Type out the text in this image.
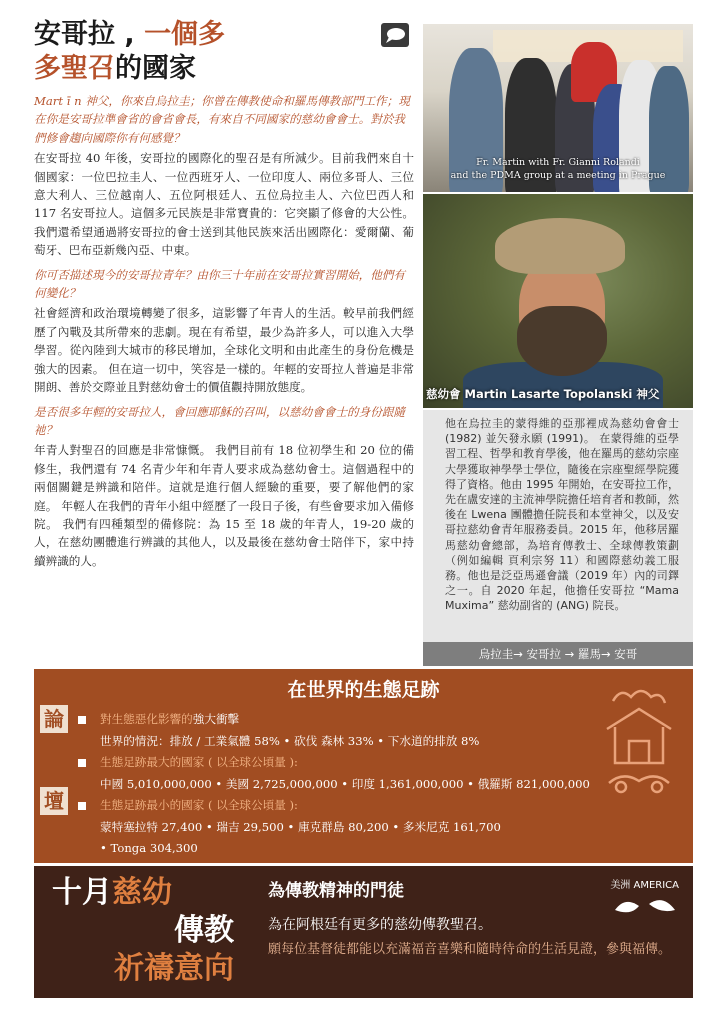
安哥拉 , 一個多
多聖召的國家

Mart ī n 神父，你來自烏拉圭；你曾在傳教使命和羅馬傳教部門工作；現在你是安哥拉準會省的會省會長，有來自不同國家的慈幼會會士。對於我們修會趨向國際你有何感覺？

在安哥拉 40 年後，安哥拉的國際化的聖召是有所減少。目前我們來自十個國家：一位巴拉圭人、一位西班牙人、一位印度人、兩位多哥人、三位意大利人、三位越南人、五位阿根廷人、五位烏拉圭人、六位巴西人和 117 名安哥拉人。這個多元民族是非常寶貴的：它突顯了修會的大公性。 我們還希望通過將安哥拉的會士送到其他民族來活出國際化：愛爾蘭、葡萄牙、巴布亞新幾內亞、中東。

你可否描述現今的安哥拉青年？由你三十年前在安哥拉實習開始，他們有何變化？

社會經濟和政治環境轉變了很多，這影響了年青人的生活。較早前我們經歷了內戰及其所帶來的悲劇。現在有希望，最少為許多人，可以進入大學學習。從內陸到大城市的移民增加，全球化文明和由此產生的身份危機是強大的因素。 但在這一切中，笑容是一樣的。年輕的安哥拉人普遍是非常開朗、善於交際並且對慈幼會士的價值觀持開放態度。

是否很多年輕的安哥拉人，會回應耶穌的召叫，以慈幼會會士的身份跟隨祂？

年青人對聖召的回應是非常慷慨。 我們目前有 18 位初學生和 20 位的備修生，我們還有 74 名青少年和年青人要求成為慈幼會士。這個過程中的兩個關鍵是辨識和陪伴。這就是進行個人經驗的重要，要了解他們的家庭。 年輕人在我們的青年小組中經歷了一段日子後，有些會要求加入備修院。 我們有四種類型的備修院：為 15 至 18 歲的年青人，19-20 歲的人，在慈幼團體進行辨識的其他人，以及最後在慈幼會士陪伴下，家中持續辨識的人。

Fr. Martin with Fr. Gianni Rolandi
and the PDMA group at a meeting in Prague
慈幼會 Martin Lasarte Topolanski 神父
他在烏拉圭的蒙得維的亞那裡成為慈幼會會士 (1982) 並矢發永願 (1991)。 在蒙得維的亞學習工程、哲學和教育學後，他在羅馬的慈幼宗座大學獲取神學學士學位，隨後在宗座聖經學院獲得了資格。他由 1995 年開始，在安哥拉工作，先在盧安達的主流神學院擔任培育者和教師，然後在 Lwena 團體擔任院長和本堂神父，以及安哥拉慈幼會青年服務委員。2015 年，他移居羅馬慈幼會總部，為培育傳教士、全球傳教策劃（例如編輯 頁利宗努 11）和國際慈幼義工服務。他也是泛亞馬遜會議（2019 年）內的司鐸之一。自 2020 年起，他擔任安哥拉 “Mama Muxima” 慈幼副省的 (ANG) 院長。
烏拉圭→ 安哥拉 → 羅馬→ 安哥
在世界的生態足跡
論
壇
對生態惡化影響的強大衝擊
世界的情況：排放 / 工業氣體 58% • 砍伐 森林 33% • 下水道的排放 8%
生態足跡最大的國家 ( 以全球公頃量 ):
中國 5,010,000,000 • 美國 2,725,000,000 • 印度 1,361,000,000 • 俄羅斯 821,000,000
生態足跡最小的國家 ( 以全球公頃量 ):
蒙特塞拉特 27,400 • 瑞吉 29,500 • 庫克群島 80,200 • 多米尼克 161,700
• Tonga 304,300
十月慈幼
傳教
祈禱意向
為傳教精神的門徒	美洲 AMERICA
為在阿根廷有更多的慈幼傳教聖召。
願每位基督徒都能以充滿福音喜樂和隨時待命的生活見證，參與福傳。
